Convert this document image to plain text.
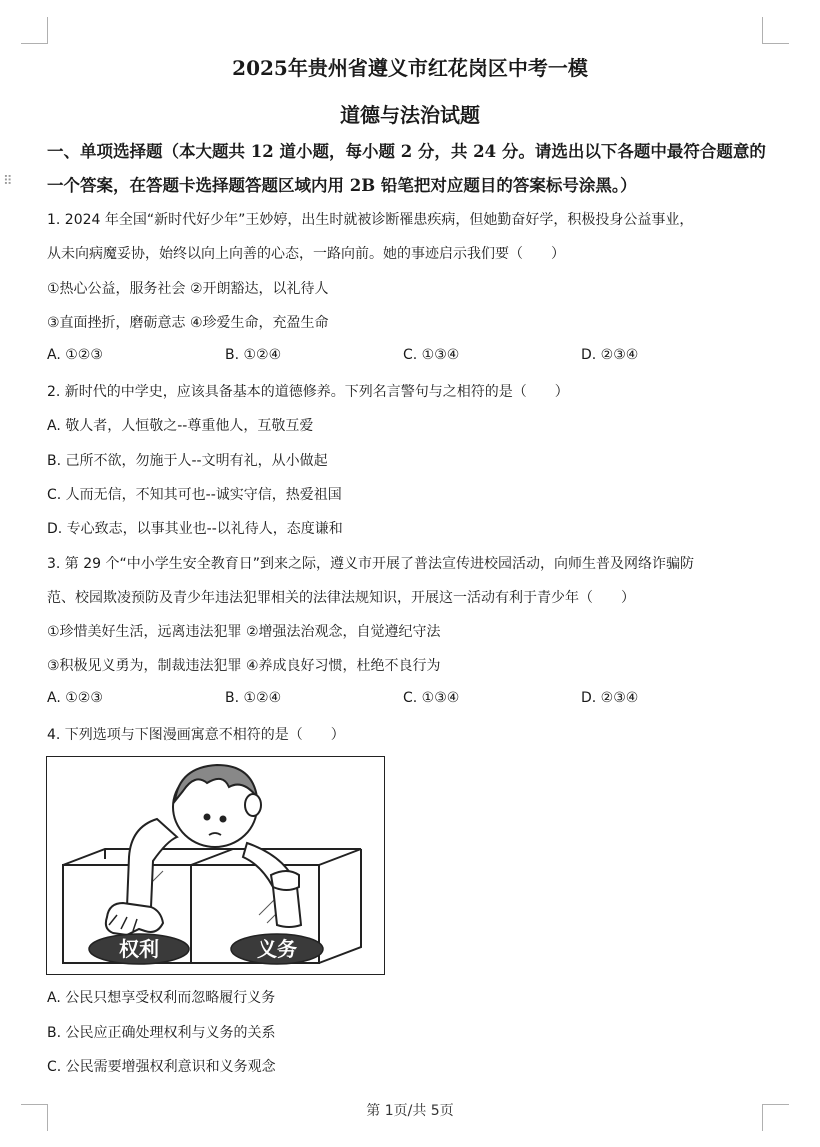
⠿
2025年贵州省遵义市红花岗区中考一模
道德与法治试题
一、单项选择题（本大题共 12 道小题，每小题 2 分，共 24 分。请选出以下各题中最符合题意的一个答案，在答题卡选择题答题区域内用 2B 铅笔把对应题目的答案标号涂黑。）
1. 2024 年全国“新时代好少年”王妙婷，出生时就被诊断罹患疾病，但她勤奋好学，积极投身公益事业，
从未向病魔妥协，始终以向上向善的心态，一路向前。她的事迹启示我们要（　　）
①热心公益，服务社会 ②开朗豁达，以礼待人
③直面挫折，磨砺意志 ④珍爱生命，充盈生命
A. ①②③	B. ①②④	C. ①③④	D. ②③④
2. 新时代的中学史，应该具备基本的道德修养。下列名言警句与之相符的是（　　）
A. 敬人者，人恒敬之--尊重他人，互敬互爱
B. 己所不欲，勿施于人--文明有礼，从小做起
C. 人而无信，不知其可也--诚实守信，热爱祖国
D. 专心致志，以事其业也--以礼待人，态度谦和
3. 第 29 个“中小学生安全教育日”到来之际，遵义市开展了普法宣传进校园活动，向师生普及网络诈骗防
范、校园欺凌预防及青少年违法犯罪相关的法律法规知识，开展这一活动有利于青少年（　　）
①珍惜美好生活，远离违法犯罪 ②增强法治观念，自觉遵纪守法
③积极见义勇为，制裁违法犯罪 ④养成良好习惯，杜绝不良行为
A. ①②③	B. ①②④	C. ①③④	D. ②③④
4. 下列选项与下图漫画寓意不相符的是（　　）
权利	义务
A. 公民只想享受权利而忽略履行义务
B. 公民应正确处理权利与义务的关系
C. 公民需要增强权利意识和义务观念
第 1页/共 5页
